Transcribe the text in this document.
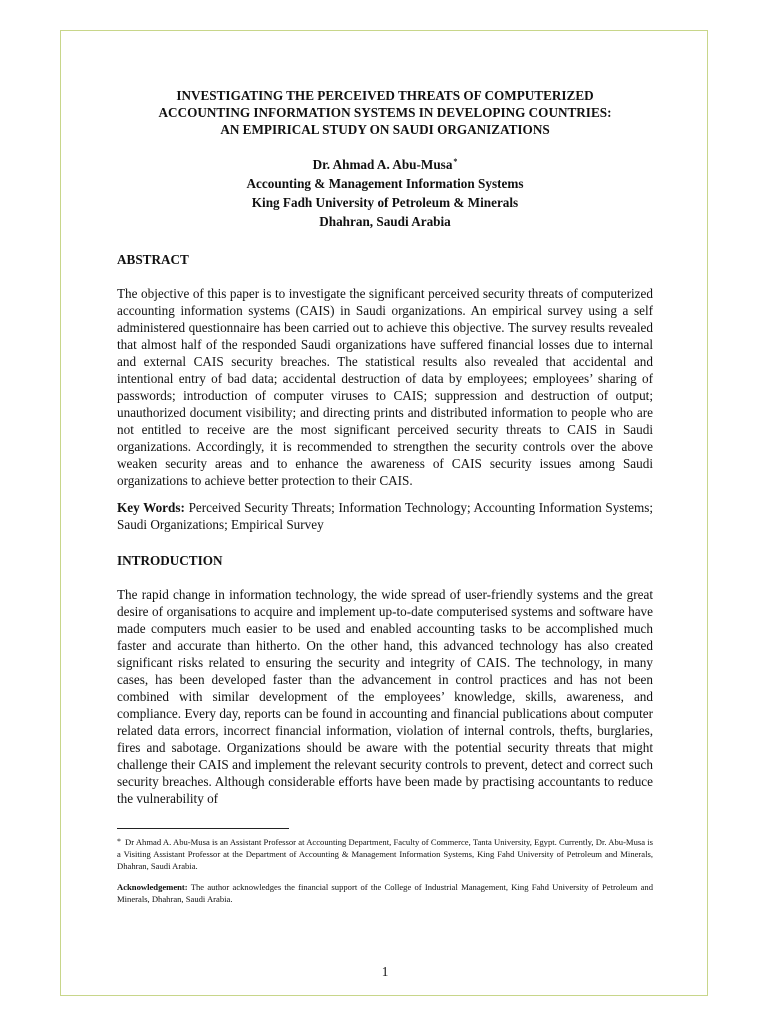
INVESTIGATING THE PERCEIVED THREATS OF COMPUTERIZED

ACCOUNTING INFORMATION SYSTEMS IN DEVELOPING COUNTRIES:

AN EMPIRICAL STUDY ON SAUDI ORGANIZATIONS

Dr. Ahmad A. Abu-Musa*
Accounting & Management Information Systems
King Fadh University of Petroleum & Minerals
Dhahran, Saudi Arabia
ABSTRACT

The objective of this paper is to investigate the significant perceived security threats of computerized accounting information systems (CAIS) in Saudi organizations. An empirical survey using a self administered questionnaire has been carried out to achieve this objective. The survey results revealed that almost half of the responded Saudi organizations have suffered financial losses due to internal and external CAIS security breaches. The statistical results also revealed that accidental and intentional entry of bad data; accidental destruction of data by employees; employees’ sharing of passwords; introduction of computer viruses to CAIS; suppression and destruction of output; unauthorized document visibility; and directing prints and distributed information to people who are not entitled to receive are the most significant perceived security threats to CAIS in Saudi organizations. Accordingly, it is recommended to strengthen the security controls over the above weaken security areas and to enhance the awareness of CAIS security issues among Saudi organizations to achieve better protection to their CAIS.

Key Words: Perceived Security Threats; Information Technology; Accounting Information Systems; Saudi Organizations; Empirical Survey

INTRODUCTION

The rapid change in information technology, the wide spread of user-friendly systems and the great desire of organisations to acquire and implement up-to-date computerised systems and software have made computers much easier to be used and enabled accounting tasks to be accomplished much faster and accurate than hitherto. On the other hand, this advanced technology has also created significant risks related to ensuring the security and integrity of CAIS. The technology, in many cases, has been developed faster than the advancement in control practices and has not been combined with similar development of the employees’ knowledge, skills, awareness, and compliance. Every day, reports can be found in accounting and financial publications about computer related data errors, incorrect financial information, violation of internal controls, thefts, burglaries, fires and sabotage. Organizations should be aware with the potential security threats that might challenge their CAIS and implement the relevant security controls to prevent, detect and correct such security breaches. Although considerable efforts have been made by practising accountants to reduce the vulnerability of

* Dr Ahmad A. Abu-Musa is an Assistant Professor at Accounting Department, Faculty of Commerce, Tanta University, Egypt. Currently, Dr. Abu-Musa is a Visiting Assistant Professor at the Department of Accounting & Management Information Systems, King Fahd University of Petroleum and Minerals, Dhahran, Saudi Arabia.

Acknowledgement: The author acknowledges the financial support of the College of Industrial Management, King Fahd University of Petroleum and Minerals, Dhahran, Saudi Arabia.

1
